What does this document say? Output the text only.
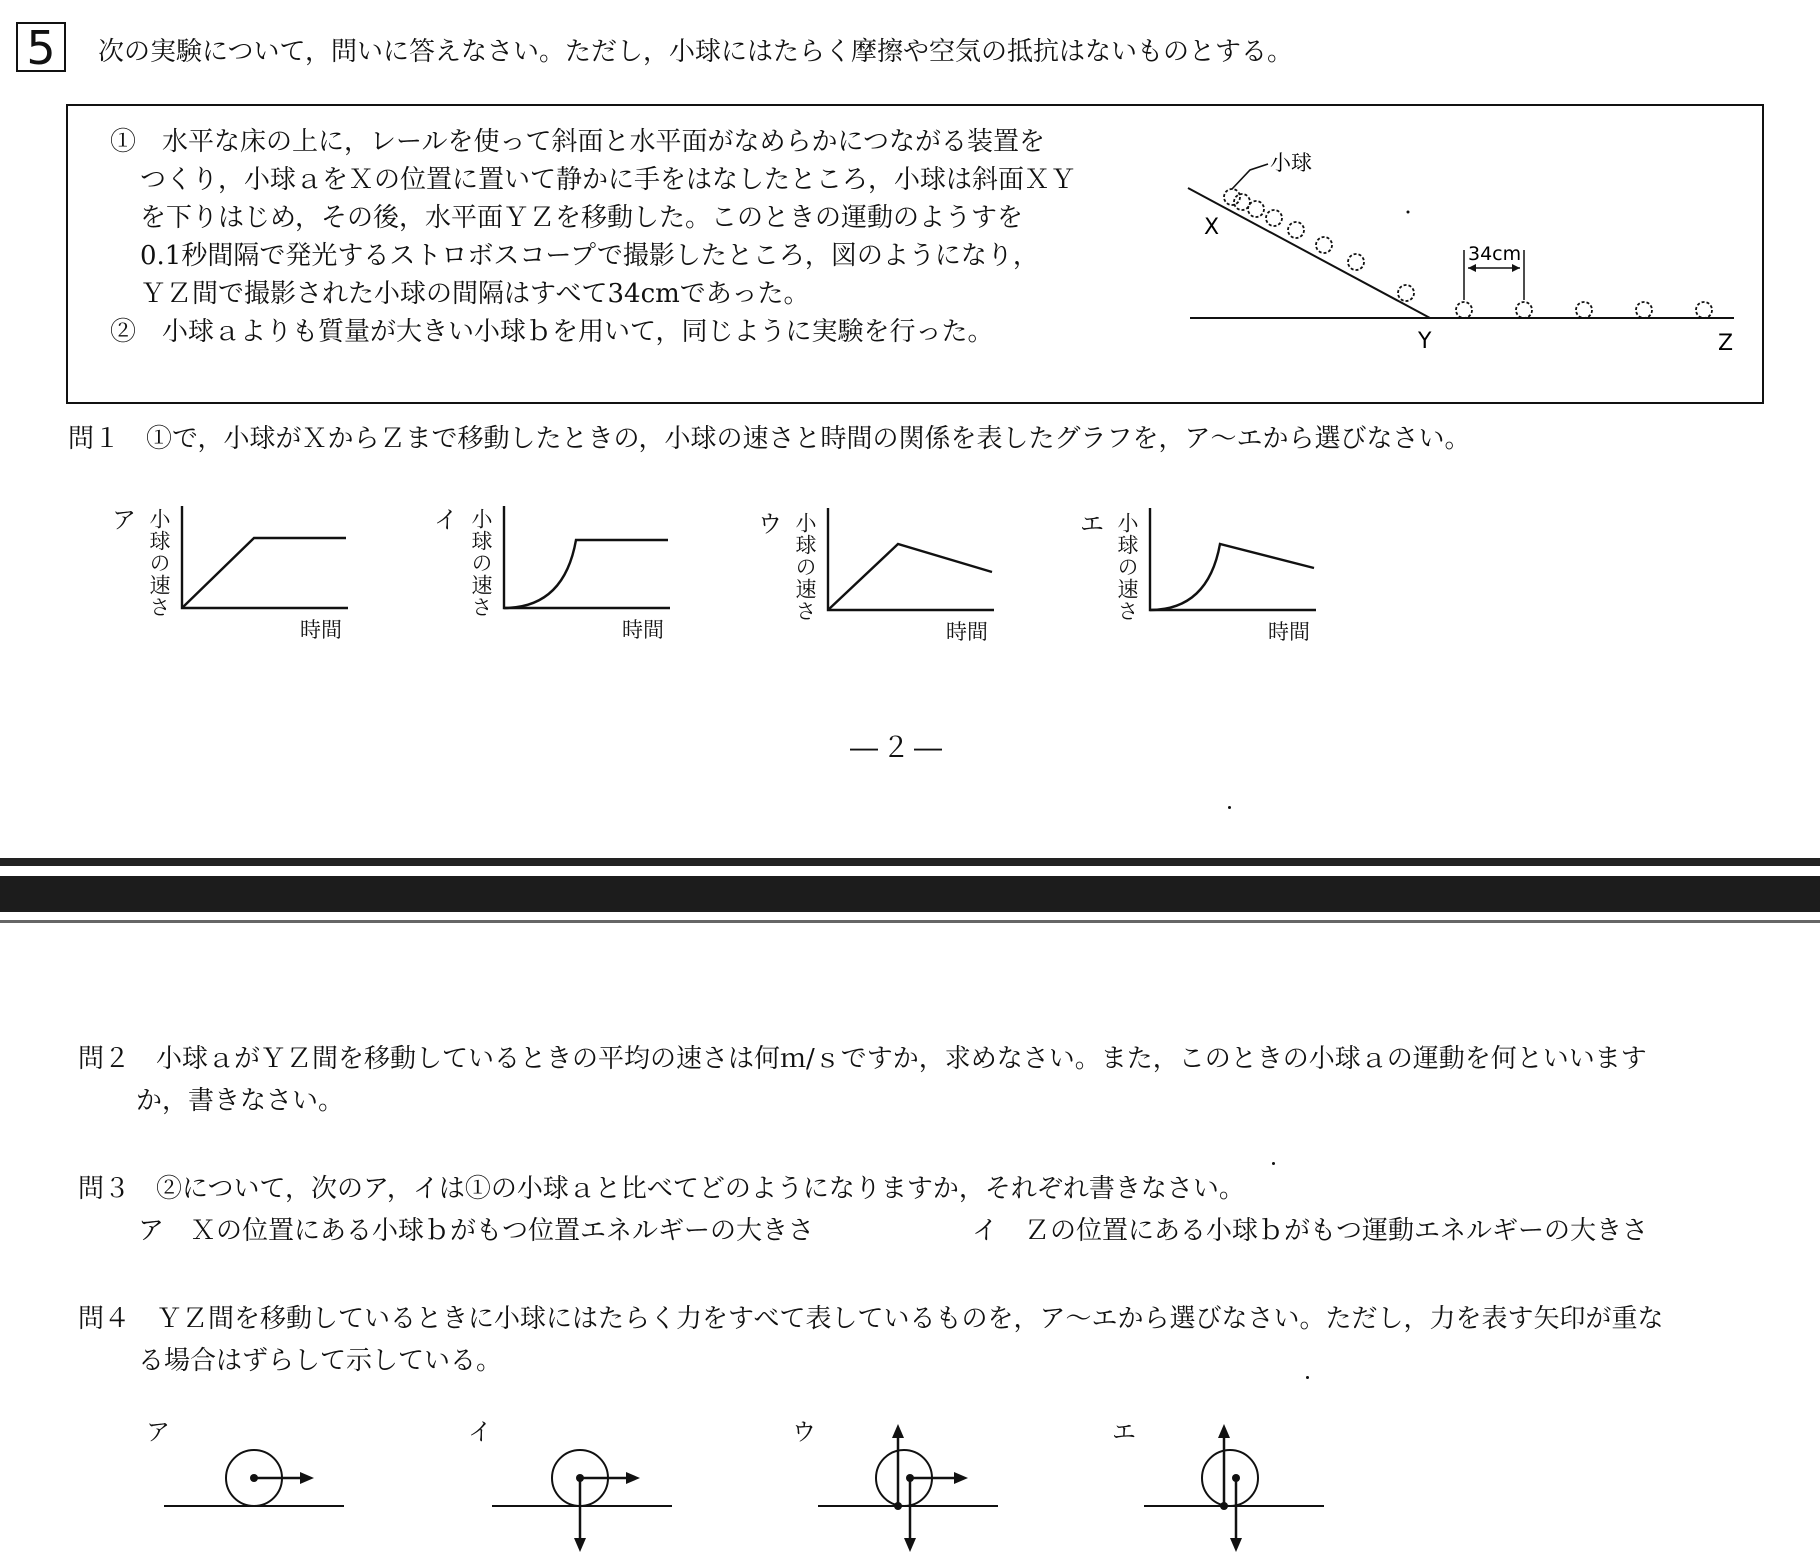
5	次の実験について，問いに答えなさい。ただし，小球にはたらく摩擦や空気の抵抗はないものとする。
①　水平な床の上に，レールを使って斜面と水平面がなめらかにつながる装置を
つくり，小球ａをＸの位置に置いて静かに手をはなしたところ，小球は斜面ＸＹ
を下りはじめ，その後，水平面ＹＺを移動した。このときの運動のようすを
0.1秒間隔で発光するストロボスコープで撮影したところ，図のようになり，
ＹＺ間で撮影された小球の間隔はすべて34cmであった。
②　小球ａよりも質量が大きい小球ｂを用いて，同じように実験を行った。
小球
X
Y	Z
34cm
問１　①で，小球がＸからＺまで移動したときの，小球の速さと時間の関係を表したグラフを，ア～エから選びなさい。
ア 小球の速さ
時間
イ 小球の速さ
時間
ウ 小球の速さ
時間
エ 小球の速さ
時間
―２―
問２　小球ａがＹＺ間を移動しているときの平均の速さは何ｍ/ｓですか，求めなさい。また，このときの小球ａの運動を何といいます
か，書きなさい。
問３　②について，次のア，イは①の小球ａと比べてどのようになりますか，それぞれ書きなさい。
ア　Ｘの位置にある小球ｂがもつ位置エネルギーの大きさ	イ　Ｚの位置にある小球ｂがもつ運動エネルギーの大きさ
問４　ＹＺ間を移動しているときに小球にはたらく力をすべて表しているものを，ア～エから選びなさい。ただし，力を表す矢印が重な
る場合はずらして示している。
ア	イ	ウ	エ
